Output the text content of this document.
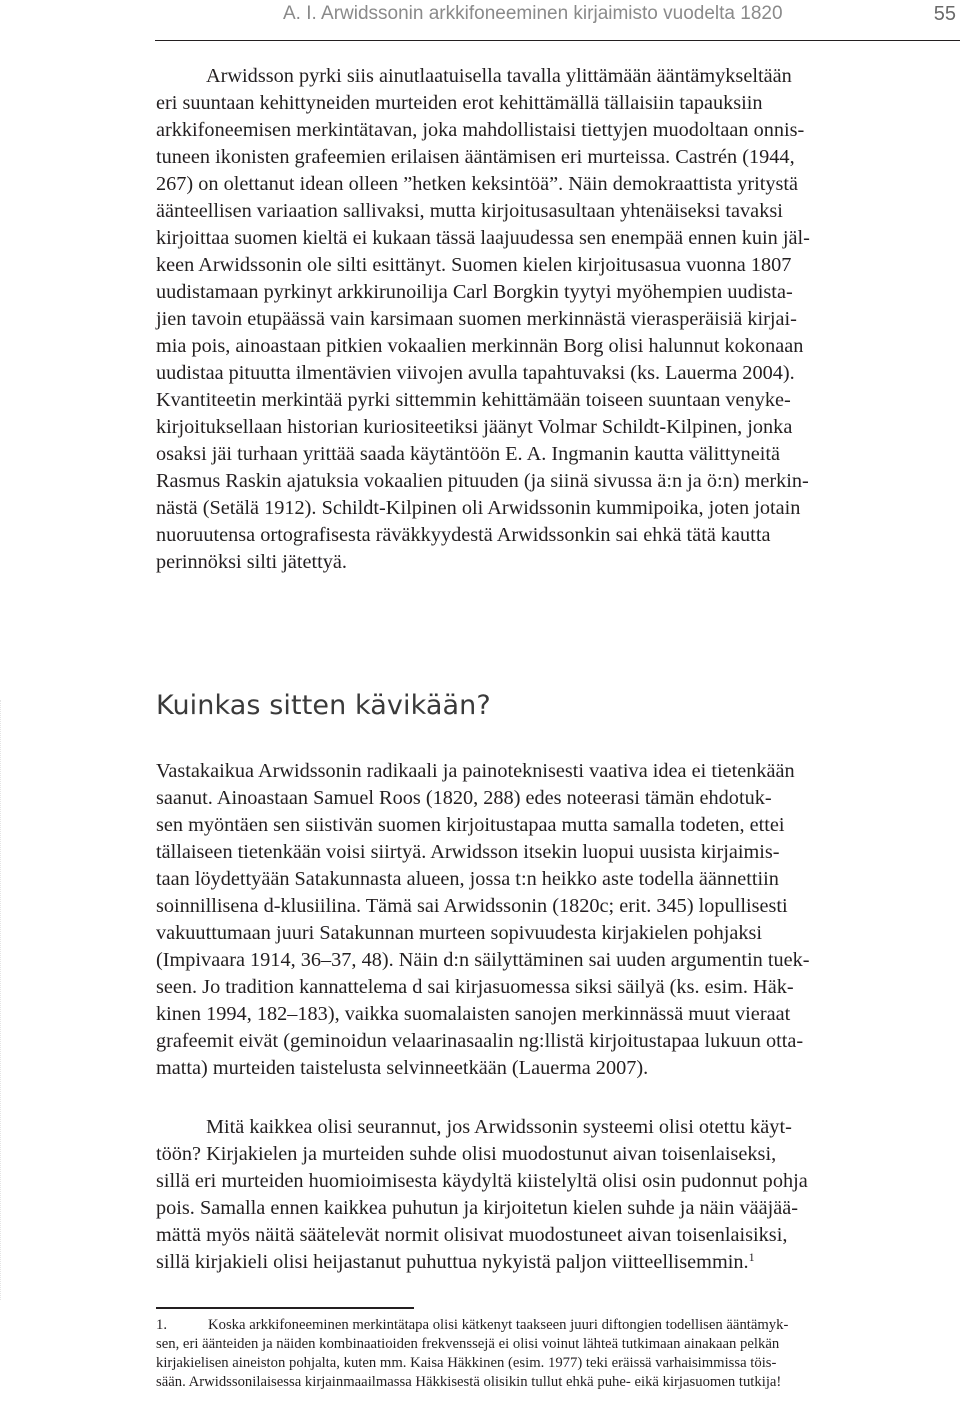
A. I. Arwidssonin arkkifoneeminen kirjaimisto vuodelta 1820	55
Arwidsson pyrki siis ainutlaatuisella tavalla ylittämään ääntämykseltään
eri suuntaan kehittyneiden murteiden erot kehittämällä tällaisiin tapauksiin
arkkifoneemisen merkintätavan, joka mahdollistaisi tiettyjen muodoltaan onnis-
tuneen ikonisten grafeemien erilaisen ääntämisen eri murteissa. Castrén (1944,
267) on olettanut idean olleen ”hetken keksintöä”. Näin demokraattista yritystä
äänteellisen variaation sallivaksi, mutta kirjoitusasultaan yhtenäiseksi tavaksi
kirjoittaa suomen kieltä ei kukaan tässä laajuudessa sen enempää ennen kuin jäl-
keen Arwidssonin ole silti esittänyt. Suomen kielen kirjoitusasua vuonna 1807
uudistamaan pyrkinyt arkkirunoilija Carl Borgkin tyytyi myöhempien uudista-
jien tavoin etupäässä vain karsimaan suomen merkinnästä vierasperäisiä kirjai-
mia pois, ainoastaan pitkien vokaalien merkinnän Borg olisi halunnut kokonaan
uudistaa pituutta ilmentävien viivojen avulla tapahtuvaksi (ks. Lauerma 2004).
Kvantiteetin merkintää pyrki sittemmin kehittämään toiseen suuntaan venyke-
kirjoituksellaan historian kuriositeetiksi jäänyt Volmar Schildt-Kilpinen, jonka
osaksi jäi turhaan yrittää saada käytäntöön E. A. Ingmanin kautta välittyneitä
Rasmus Raskin ajatuksia vokaalien pituuden (ja siinä sivussa ä:n ja ö:n) merkin-
nästä (Setälä 1912). Schildt-Kilpinen oli Arwidssonin kummipoika, joten jotain
nuoruutensa ortografisesta räväkkyydestä Arwidssonkin sai ehkä tätä kautta
perinnöksi silti jätettyä.
Kuinkas sitten kävikään?
Vastakaikua Arwidssonin radikaali ja painoteknisesti vaativa idea ei tietenkään
saanut. Ainoastaan Samuel Roos (1820, 288) edes noteerasi tämän ehdotuk-
sen myöntäen sen siistivän suomen kirjoitustapaa mutta samalla todeten, ettei
tällaiseen tietenkään voisi siirtyä. Arwidsson itsekin luopui uusista kirjaimis-
taan löydettyään Satakunnasta alueen, jossa t:n heikko aste todella äännettiin
soinnillisena d-klusiilina. Tämä sai Arwidssonin (1820c; erit. 345) lopullisesti
vakuuttumaan juuri Satakunnan murteen sopivuudesta kirjakielen pohjaksi
(Impivaara 1914, 36–37, 48). Näin d:n säilyttäminen sai uuden argumentin tuek-
seen. Jo tradition kannattelema d sai kirjasuomessa siksi säilyä (ks. esim. Häk-
kinen 1994, 182–183), vaikka suomalaisten sanojen merkinnässä muut vieraat
grafeemit eivät (geminoidun velaarinasaalin ng:llistä kirjoitustapaa lukuun otta-
matta) murteiden taistelusta selvinneetkään (Lauerma 2007).
Mitä kaikkea olisi seurannut, jos Arwidssonin systeemi olisi otettu käyt-
töön? Kirjakielen ja murteiden suhde olisi muodostunut aivan toisenlaiseksi,
sillä eri murteiden huomioimisesta käydyltä kiistelyltä olisi osin pudonnut pohja
pois. Samalla ennen kaikkea puhutun ja kirjoitetun kielen suhde ja näin vääjää-
mättä myös näitä säätelevät normit olisivat muodostuneet aivan toisenlaisiksi,
sillä kirjakieli olisi heijastanut puhuttua nykyistä paljon viitteellisemmin.$^1$
1.	Koska arkkifoneeminen merkintätapa olisi kätkenyt taakseen juuri diftongien todellisen ääntämyk-
sen, eri äänteiden ja näiden kombinaatioiden frekvenssejä ei olisi voinut lähteä tutkimaan ainakaan pelkän
kirjakielisen aineiston pohjalta, kuten mm. Kaisa Häkkinen (esim. 1977) teki eräissä varhaisimmissa töis-
sään. Arwidssonilaisessa kirjainmaailmassa Häkkisestä olisikin tullut ehkä puhe- eikä kirjasuomen tutkija!
